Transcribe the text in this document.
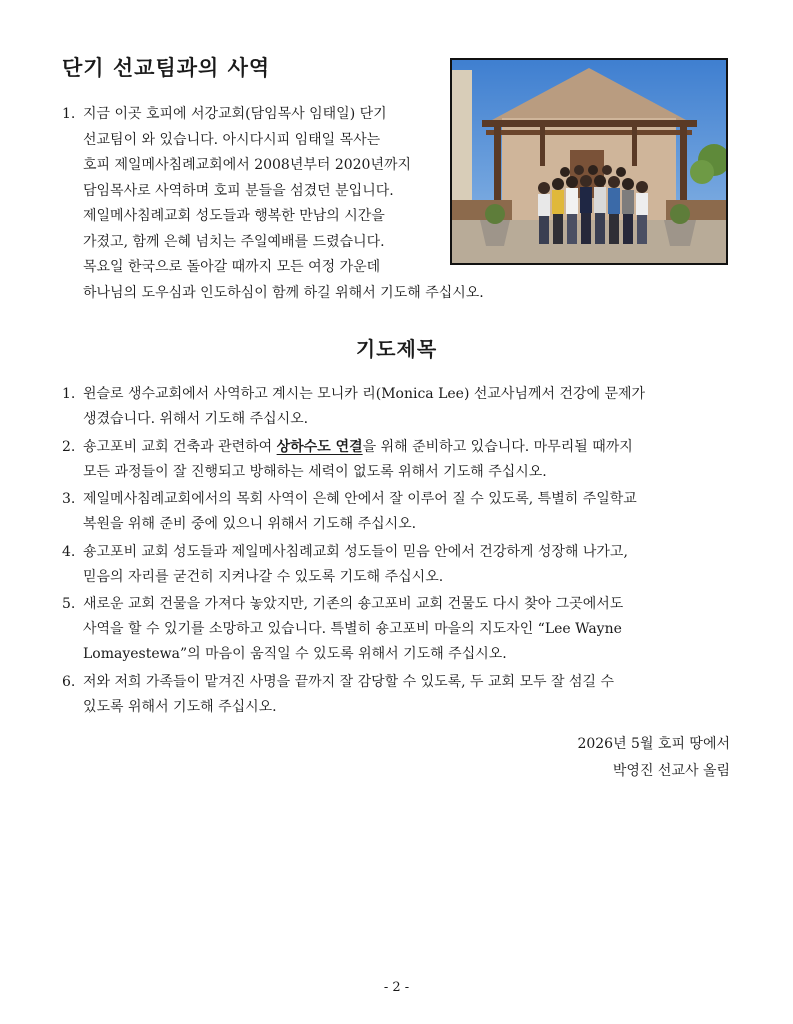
단기 선교팀과의 사역
1. 지금 이곳 호피에 서강교회(담임목사 임태일) 단기
선교팀이 와 있습니다. 아시다시피 임태일 목사는
호피 제일메사침례교회에서 2008년부터 2020년까지
담임목사로 사역하며 호피 분들을 섬겼던 분입니다.
제일메사침례교회 성도들과 행복한 만남의 시간을
가졌고, 함께 은혜 넘치는 주일예배를 드렸습니다.
목요일 한국으로 돌아갈 때까지 모든 여정 가운데
하나님의 도우심과 인도하심이 함께 하길 위해서 기도해 주십시오.
기도제목
1. 윈슬로 생수교회에서 사역하고 계시는 모니카 리(Monica Lee) 선교사님께서 건강에 문제가
생겼습니다. 위해서 기도해 주십시오.
2. 숑고포비 교회 건축과 관련하여 상하수도 연결을 위해 준비하고 있습니다. 마무리될 때까지
모든 과정들이 잘 진행되고 방해하는 세력이 없도록 위해서 기도해 주십시오.
3. 제일메사침례교회에서의 목회 사역이 은혜 안에서 잘 이루어 질 수 있도록, 특별히 주일학교
복원을 위해 준비 중에 있으니 위해서 기도해 주십시오.
4. 숑고포비 교회 성도들과 제일메사침례교회 성도들이 믿음 안에서 건강하게 성장해 나가고,
믿음의 자리를 굳건히 지켜나갈 수 있도록 기도해 주십시오.
5. 새로운 교회 건물을 가져다 놓았지만, 기존의 숑고포비 교회 건물도 다시 찾아 그곳에서도
사역을 할 수 있기를 소망하고 있습니다. 특별히 숑고포비 마을의 지도자인 “Lee Wayne
Lomayestewa”의 마음이 움직일 수 있도록 위해서 기도해 주십시오.
6. 저와 저희 가족들이 맡겨진 사명을 끝까지 잘 감당할 수 있도록, 두 교회 모두 잘 섬길 수
있도록 위해서 기도해 주십시오.
2026년 5월 호피 땅에서
박영진 선교사 올림
- 2 -
